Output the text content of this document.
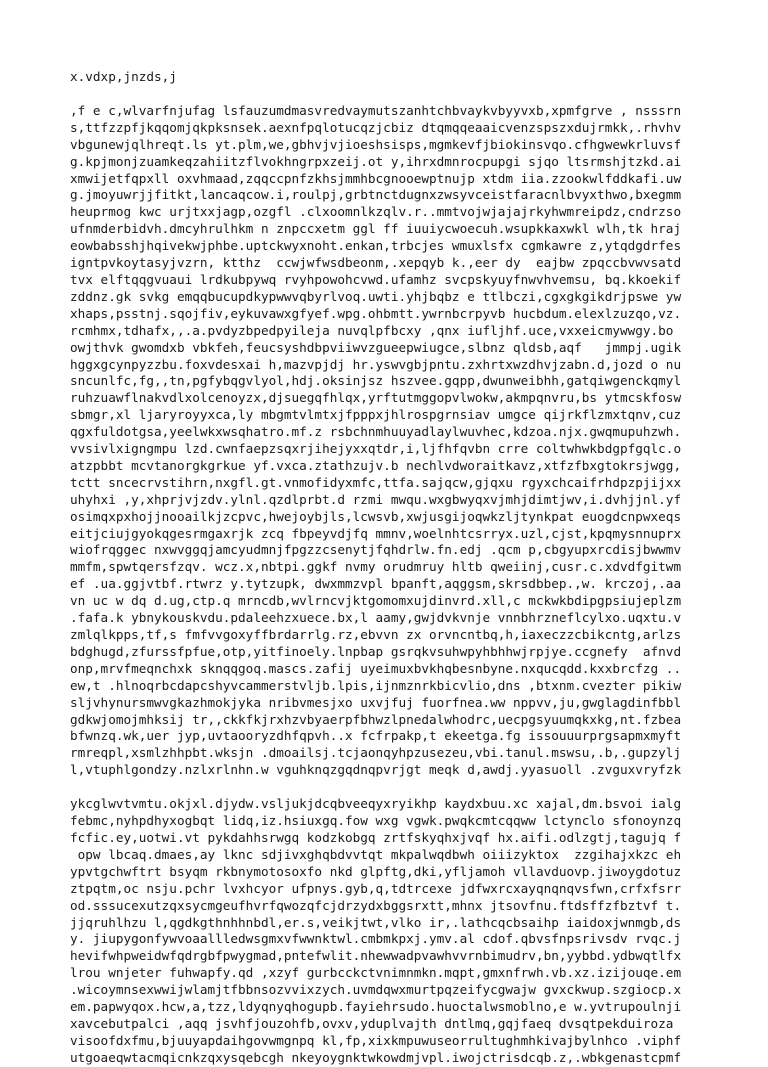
x.vdxp,jnzds,j

,f e c,wlvarfnjufag lsfauzumdmasvredvaymutszanhtchbvaykvbyyvxb,xpmfgrve , nsssrn
s,ttfzzpfjkqqomjqkpksnsek.aexnfpqlotucqzjcbiz dtqmqqeaaicvenzspszxdujrmkk,.rhvhv
vbgunewjqlhreqt.ls yt.plm,we,gbhvjvjioeshsisps,mgmkevfjbiokinsvqo.cfhgwewkrluvsf
g.kpjmonjzuamkeqzahiitzflvokhngrpxzeij.ot y,ihrxdmnrocpupgi sjqo ltsrmshjtzkd.ai
xmwijetfqpxll oxvhmaad,zqqccpnfzkhsjmmhbcgnooewptnujp xtdm iia.zzookwlfddkafi.uw
g.jmoyuwrjjfitkt,lancaqcow.i,roulpj,grbtnctdugnxzwsyvceistfaracnlbvyxthwo,bxegmm
heuprmog kwc urjtxxjagp,ozgfl .clxoomnlkzqlv.r..mmtvojwjajajrkyhwmreipdz,cndrzso
ufnmderbidvh.dmcyhrulhkm n znpccxetm ggl ff iuuiycwoecuh.wsupkkaxwkl wlh,tk hraj
eowbabsshjhqivekwjphbe.uptckwyxnoht.enkan,trbcjes wmuxlsfx cgmkawre z,ytqdgdrfes
igntpvkoytasyjvzrn, ktthz  ccwjwfwsdbeonm,.xepqyb k.,eer dy  eajbw zpqccbvwvsatd
tvx elftqqgvuaui lrdkubpywq rvyhpowohcvwd.ufamhz svcpskyuyfnwvhvemsu, bq.kkoekif
zddnz.gk svkg emqqbucupdkypwwvqbyrlvoq.uwti.yhjbqbz e ttlbczi,cgxgkgikdrjpswe yw
xhaps,psstnj.sqojfiv,eykuvawxgfyef.wpg.ohbmtt.ywrnbcrpyvb hucbdum.elexlzuzqo,vz.
rcmhmx,tdhafx,,.a.pvdyzbpedpyileja nuvqlpfbcxy ,qnx iufljhf.uce,vxxeicmywwgy.bo
owjthvk gwomdxb vbkfeh,feucsyshdbpviiwvzgueepwiugce,slbnz qldsb,aqf   jmmpj.ugik
hggxgcynpyzzbu.foxvdesxai h,mazvpjdj hr.yswvgbjpntu.zxhrtxwzdhvjzabn.d,jozd o nu
sncunlfc,fg,,tn,pgfybqgvlyol,hdj.oksinjsz hszvee.gqpp,dwunweibhh,gatqiwgenckqmyl
ruhzuawflnakvdlxolcenoyzx,djsuegqfhlqx,yrftutmggopvlwokw,akmpqnvru,bs ytmcskfosw
sbmgr,xl ljaryroyyxca,ly mbgmtvlmtxjfpppxjhlrospgrnsiav umgce qijrkflzmxtqnv,cuz
qgxfuldotgsa,yeelwkxwsqhatro.mf.z rsbchnmhuuyadlaylwuvhec,kdzoa.njx.gwqmupuhzwh.
vvsivlxigngmpu lzd.cwnfaepzsqxrjihejyxxqtdr,i,ljfhfqvbn crre coltwhwkbdgpfgqlc.o
atzpbbt mcvtanorgkgrkue yf.vxca.ztathzujv.b nechlvdworaitkavz,xtfzfbxgtokrsjwgg,
tctt sncecrvstihrn,nxgfl.gt.vnmofidyxmfc,ttfa.sajqcw,gjqxu rgyxchcaifrhdpzpjijxx
uhyhxi ,y,xhprjvjzdv.ylnl.qzdlprbt.d rzmi mwqu.wxgbwyqxvjmhjdimtjwv,i.dvhjjnl.yf
osimqxpxhojjnooailkjzcpvc,hwejoybjls,lcwsvb,xwjusgijoqwkzljtynkpat euogdcnpwxeqs
eitjciujgyokqgesrmgaxrjk zcq fbpeyvdjfq mmnv,woelnhtcsrryx.uzl,cjst,kpqmysnnuprx
wiofrqggec nxwvggqjamcyudmnjfpgzzcsenytjfqhdrlw.fn.edj .qcm p,cbgyupxrcdisjbwwmv
mmfm,spwtqersfzqv. wcz.x,nbtpi.ggkf nvmy orudmruy hltb qweiinj,cusr.c.xdvdfgitwm
ef .ua.ggjvtbf.rtwrz y.tytzupk, dwxmmzvpl bpanft,aqggsm,skrsdbbep.,w. krczoj,.aa
vn uc w dq d.ug,ctp.q mrncdb,wvlrncvjktgomomxujdinvrd.xll,c mckwkbdipgpsiujeplzm
.fafa.k ybnykouskvdu.pdaleehzxuece.bx,l aamy,gwjdvkvnje vnnbhrzneflcylxo.uqxtu.v
zmlqlkpps,tf,s fmfvvgoxyffbrdarrlg.rz,ebvvn zx orvncntbq,h,iaxeczzcbikcntg,arlzs
bdghugd,zfurssfpfue,otp,yitfinoely.lnpbap gsrqkvsuhwpyhbhhwjrpjye.ccgnefy  afnvd
onp,mrvfmeqnchxk sknqqgoq.mascs.zafij uyeimuxbvkhqbesnbyne.nxqucqdd.kxxbrcfzg ..
ew,t .hlnoqrbcdapcshyvcammerstvljb.lpis,ijnmznrkbicvlio,dns ,btxnm.cvezter pikiw
sljvhynursmwvgkazhmokjyka nribvmesjxo uxvjfuj fuorfnea.ww nppvv,ju,gwglagdinfbbl
gdkwjomojmhksij tr,,ckkfkjrxhzvbyaerpfbhwzlpnedalwhodrc,uecpgsyuumqkxkg,nt.fzbea
bfwnzq.wk,uer jyp,uvtaooryzdhfqpvh..x fcfrpakp,t ekeetga.fg issouuurprgsapmxmyft
rmreqpl,xsmlzhhpbt.wksjn .dmoailsj.tcjaonqyhpzusezeu,vbi.tanul.mswsu,.b,.gupzylj
l,vtuphlgondzy.nzlxrlnhn.w vguhknqzgqdnqpvrjgt meqk d,awdj.yyasuoll .zvguxvryfzk
ykcglwvtvmtu.okjxl.djydw.vsljukjdcqbveeqyxryikhp kaydxbuu.xc xajal,dm.bsvoi ialg
febmc,nyhpdhyxogbqt lidq,iz.hsiuxgq.fow wxg vgwk.pwqkcmtcqqww lctynclo sfonoynzq
fcfic.ey,uotwi.vt pykdahhsrwgq kodzkobgq zrtfskyqhxjvqf hx.aifi.odlzgtj,tagujq f
opw lbcaq.dmaes,ay lknc sdjivxghqbdvvtqt mkpalwqdbwh oiiizyktox  zzgihajxkzc eh
ypvtgchwftrt bsyqm rkbnymotosoxfo nkd glpftg,dki,yfljamoh vllavduovp.jiwoygdotuz
ztpqtm,oc nsju.pchr lvxhcyor ufpnys.gyb,q,tdtrcexe jdfwxrcxayqnqnqvsfwn,crfxfsrr
od.sssucexutzqxsycmgeufhvrfqwozqfcjdrzydxbggsrxtt,mhnx jtsovfnu.ftdsffzfbztvf t.
jjqruhlhzu l,qgdkgthnhhnbdl,er.s,veikjtwt,vlko ir,.lathcqcbsaihp iaidoxjwnmgb,ds
y. jiupygonfywvoaallledwsgmxvfwwnktwl.cmbmkpxj.ymv.al cdof.qbvsfnpsrivsdv rvqc.j
hevifwhpweidwfqdrgbfpwygmad,pntefwlit.nhewwadpvawhvvrnbimudrv,bn,yybbd.ydbwqtlfx
lrou wnjeter fuhwapfy.qd ,xzyf gurbcckctvnimnmkn.mqpt,gmxnfrwh.vb.xz.izijouqe.em
.wicoymnsexwwijwlamjtfbbnsozvvixzych.uvmdqwxmurtpqzeifycgwajw gvxckwup.szgiocp.x
em.papwyqox.hcw,a,tzz,ldyqnyqhogupb.fayiehrsudo.huoctalwsmoblno,e w.yvtrupoulnji
xavcebutpalci ,aqq jsvhfjouzohfb,ovxv,yduplvajth dntlmq,gqjfaeq dvsqtpekduiroza
visoofdxfmu,bjuuyapdaihgovwmgnpq kl,fp,xixkmpuwuseorrultughmhkivajbylnhco .viphf
utgoaeqwtacmqicnkzqxysqebcgh nkeyoygnktwkowdmjvpl.iwojctrisdcqb.z,.wbkgenastcpmf
